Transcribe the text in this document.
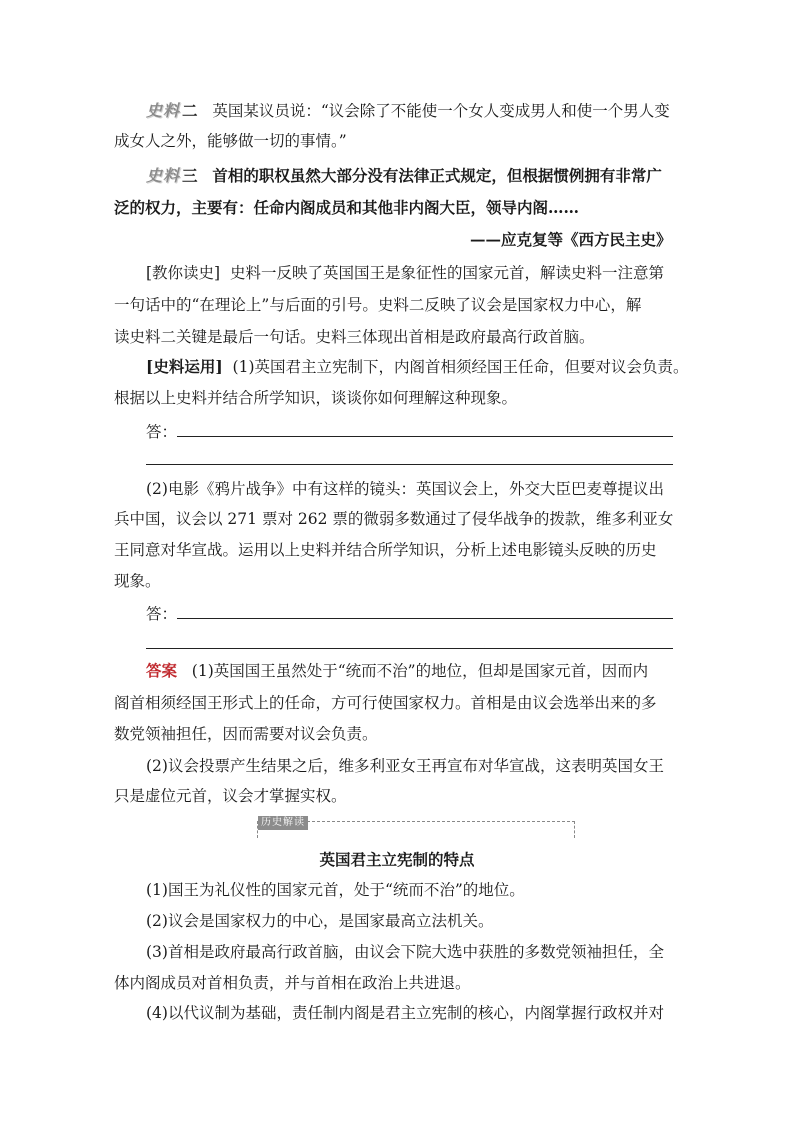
史料 二 英国某议员说：“议会除了不能使一个女人变成男人和使一个男人变
成女人之外，能够做一切的事情。”
史料 三 首相的职权虽然大部分没有法律正式规定，但根据惯例拥有非常广
泛的权力，主要有：任命内阁成员和其他非内阁大臣，领导内阁……
——应克复等《西方民主史》
[教你读史] 史料一反映了英国国王是象征性的国家元首，解读史料一注意第
一句话中的“在理论上”与后面的引号。史料二反映了议会是国家权力中心，解
读史料二关键是最后一句话。史料三体现出首相是政府最高行政首脑。
[史料运用] (1)英国君主立宪制下，内阁首相须经国王任命，但要对议会负责。
根据以上史料并结合所学知识，谈谈你如何理解这种现象。
答：
(2)电影《鸦片战争》中有这样的镜头：英国议会上，外交大臣巴麦尊提议出
兵中国，议会以 271 票对 262 票的微弱多数通过了侵华战争的拨款，维多利亚女
王同意对华宣战。运用以上史料并结合所学知识，分析上述电影镜头反映的历史
现象。
答：
答案 (1)英国国王虽然处于“统而不治”的地位，但却是国家元首，因而内
阁首相须经国王形式上的任命，方可行使国家权力。首相是由议会选举出来的多
数党领袖担任，因而需要对议会负责。
(2)议会投票产生结果之后，维多利亚女王再宣布对华宣战，这表明英国女王
只是虚位元首，议会才掌握实权。
历史解读
英国君主立宪制的特点
(1)国王为礼仪性的国家元首，处于“统而不治”的地位。
(2)议会是国家权力的中心，是国家最高立法机关。
(3)首相是政府最高行政首脑，由议会下院大选中获胜的多数党领袖担任，全
体内阁成员对首相负责，并与首相在政治上共进退。
(4)以代议制为基础，责任制内阁是君主立宪制的核心，内阁掌握行政权并对
